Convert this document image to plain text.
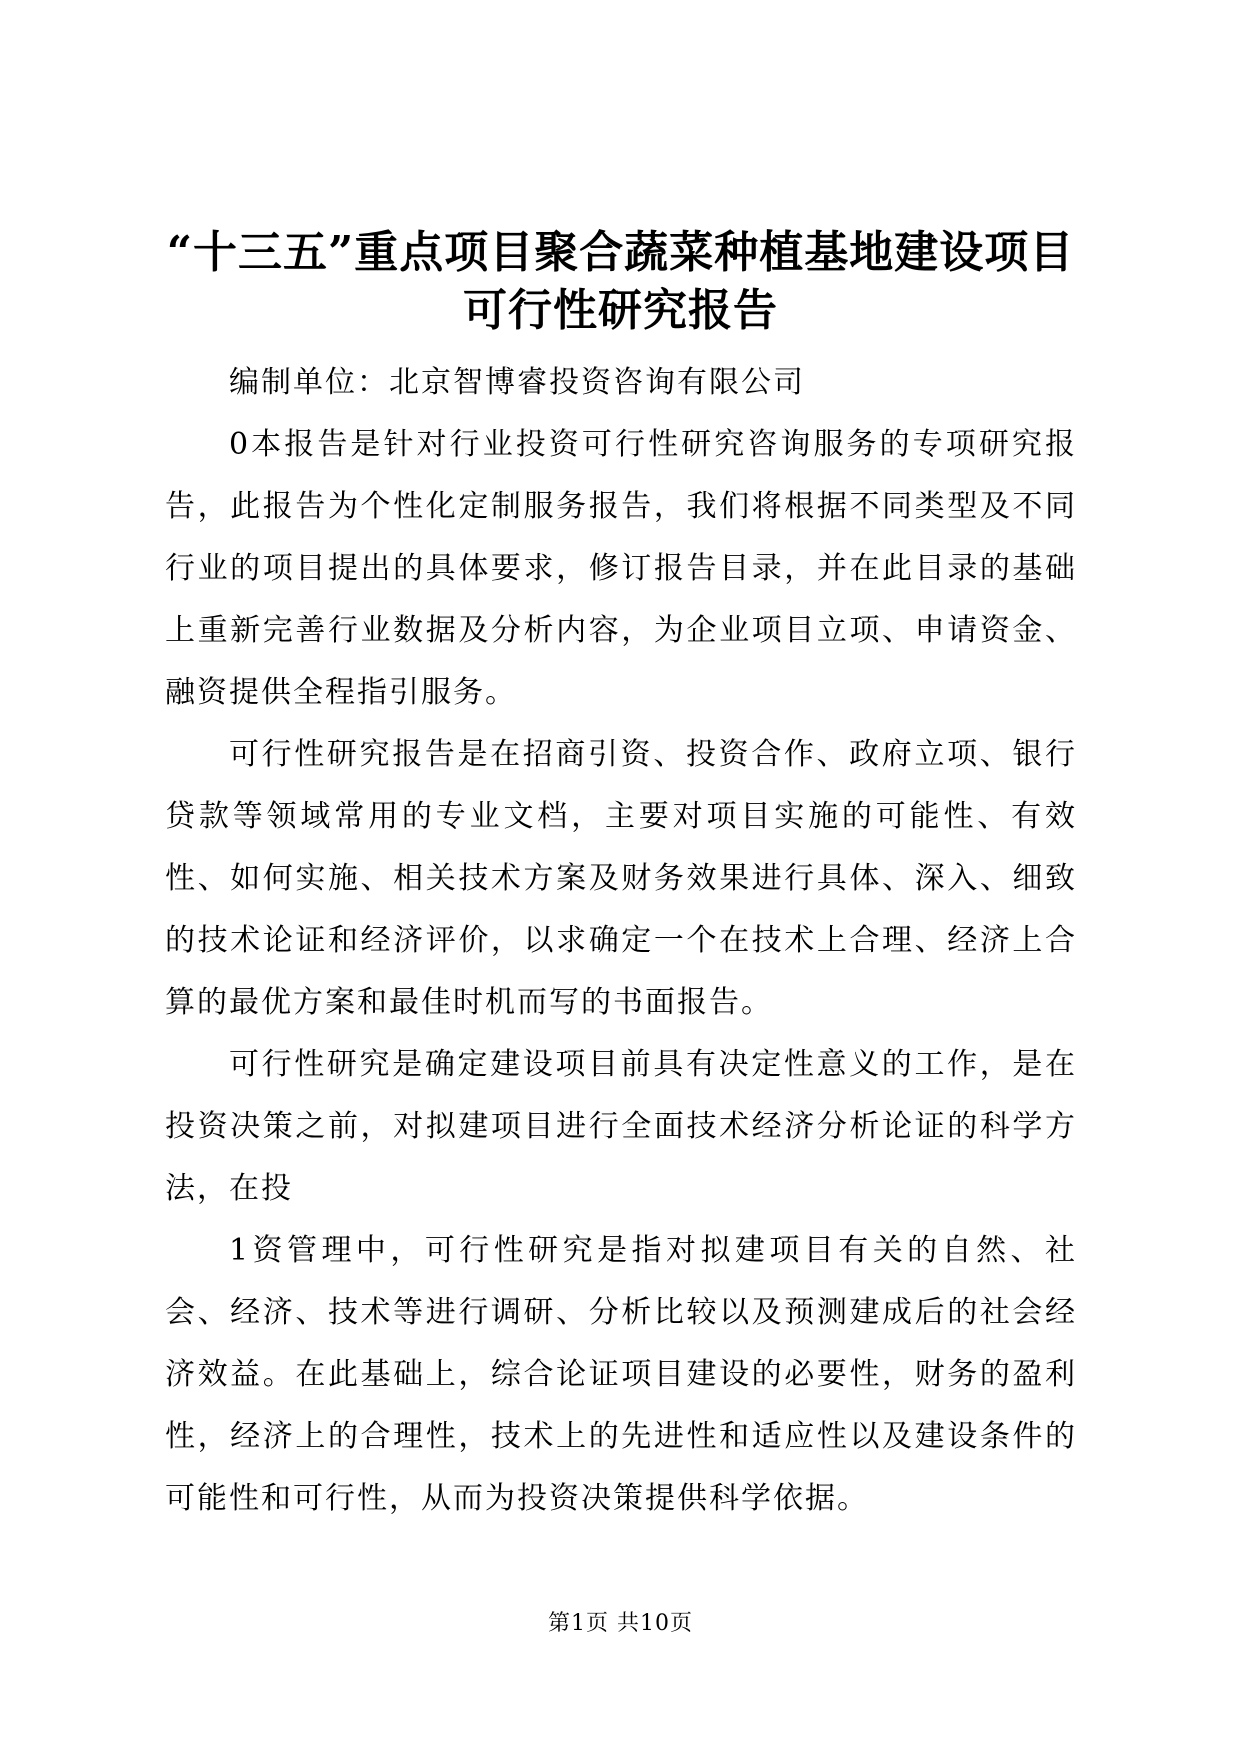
“十三五”重点项目聚合蔬菜种植基地建设项目可行性研究报告

编制单位：北京智博睿投资咨询有限公司

0本报告是针对行业投资可行性研究咨询服务的专项研究报告，此报告为个性化定制服务报告，我们将根据不同类型及不同行业的项目提出的具体要求，修订报告目录，并在此目录的基础上重新完善行业数据及分析内容，为企业项目立项、申请资金、融资提供全程指引服务。

可行性研究报告是在招商引资、投资合作、政府立项、银行贷款等领域常用的专业文档，主要对项目实施的可能性、有效性、如何实施、相关技术方案及财务效果进行具体、深入、细致的技术论证和经济评价，以求确定一个在技术上合理、经济上合算的最优方案和最佳时机而写的书面报告。

可行性研究是确定建设项目前具有决定性意义的工作，是在投资决策之前，对拟建项目进行全面技术经济分析论证的科学方法，在投

1资管理中，可行性研究是指对拟建项目有关的自然、社会、经济、技术等进行调研、分析比较以及预测建成后的社会经济效益。在此基础上，综合论证项目建设的必要性，财务的盈利性，经济上的合理性，技术上的先进性和适应性以及建设条件的可能性和可行性，从而为投资决策提供科学依据。

第1页 共10页
